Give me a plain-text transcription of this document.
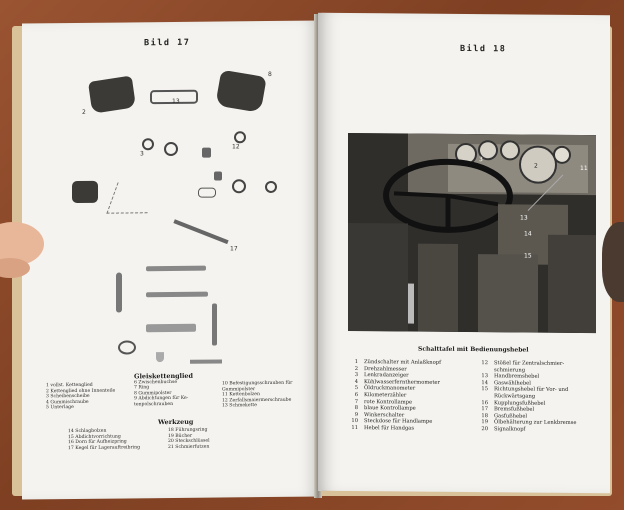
Bild 17
13
2
8
3
12
17
1 vollst. Kettenglied
2 Kettenglied ohne Innenteile
3 Scheibenscheibe
4 Gummischraube
5 Unterlage
Gleiskettenglied
6 Zwischenbuchse
7 Ring
8 Gummipolster
9 Abdichtungen für Ke-
tenpolschrauben
10 Befestigungsschrauben für
Gummipolster
11 Kettenbolzen
12 Zerfallsmaiermerschraube
13 Schmekette
Werkzeug
14 Schlagbolzen
15 Abdichtvorrichtung
16 Dorn für Aufheizpring
17 Kegel für Lagerauftreibring
18 Führungsring
19 Bücher
20 Steckschlüssel
21 Schmierfutzen
Bild 18
3
2	11
13
14
15
Schalttafel mit Bedienungshebel
1 Zündschalter mit Anlaßknopf
2 Drehzahlmesser
3 Lenkradanzeiger
4 Kühlwasserfernthermometer
5 Öldruckmanometer
6 Kilometerzähler
7 rote Kontrollampe
8 blaue Kontrollampe
9 Winkerschalter
10 Steckdose für Handlampe
11 Hebel für Handgas
12 Stößel für Zentralschmier-
schmierung
13 Handbremshebel
14 Gaswählhebel
15 Richtungshebel für Vor- und
Rückwärtsgang
16 Kupplungsfußhebel
17 Bremsfußhebel
18 Gasfußhebel
19 Ölbehälterung zur Lenkbremse
20 Signalknopf
